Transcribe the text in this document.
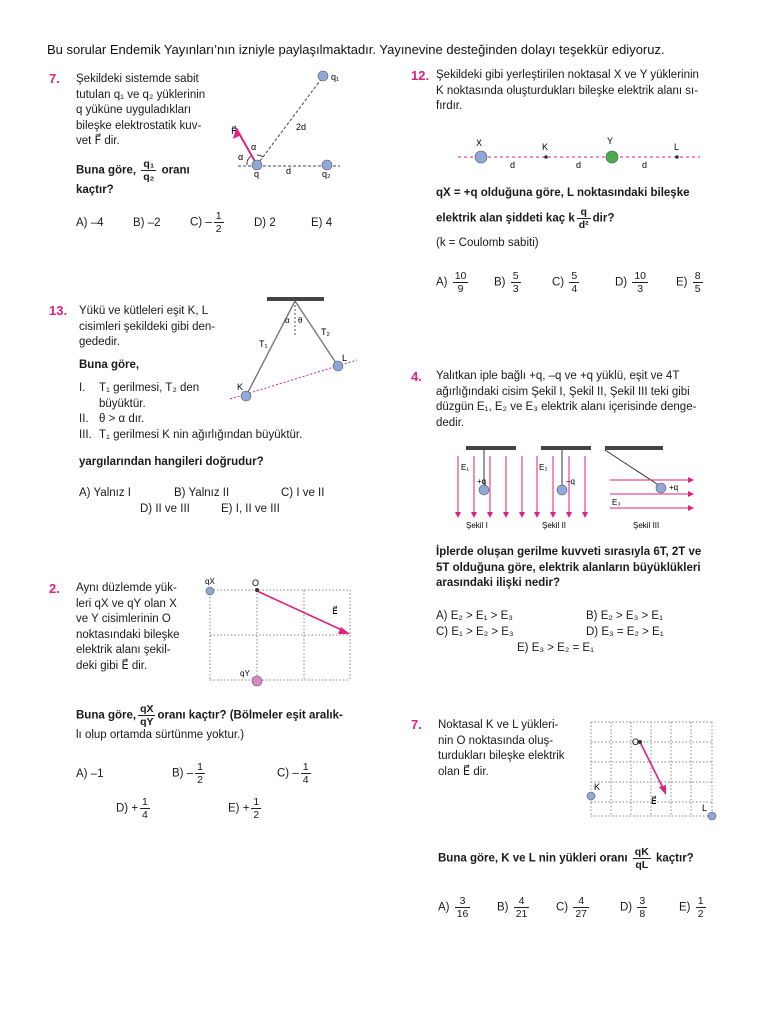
Bu sorular Endemik Yayınları’nın izniyle paylaşılmaktadır. Yayınevine desteğinden dolayı teşekkür ediyoruz.
7. Şekildeki sistemde sabit
tutulan q₁ ve q₂ yüklerinin
q yüküne uyguladıkları
bileşke elektrostatik kuv-
vet F⃗ dir.
Buna göre, $\frac{\text{q₁}}{\text{q₂}}$ oranı
kaçtır?
q₁
q₂
q
F⃗
α
α
2d
d
A) –4	B) –2	$C) - \frac{1}{2}$	D) 2	E) 4
12. Şekildeki gibi yerleştirilen noktasal X ve Y yüklerinin
K noktasında oluşturdukları bileşke elektrik alanı sı-
fırdır.
X	K
Y
L
d	d	d
qX = +q olduğuna göre, L noktasındaki bileşke
elektrik alan şiddeti kaç k $\frac{q}{\text{d²}}$ dir?
(k = Coulomb sabiti)
$A) \frac{10}{9} B) \frac{5}{3}$	$C) \frac{5}{4}$	$D) \frac{10}{3} E) \frac{8}{5}$
13. Yükü ve kütleleri eşit K, L
cisimleri şekildeki gibi den-
gededir.
Buna göre,
I. T₁ gerilmesi, T₂ den
büyüktür.
II. θ > α dır.
III. T₁ gerilmesi K nin ağırlığından büyüktür.
yargılarından hangileri doğrudur?
α θ
T₁
T₂
K
L
A) Yalnız I	B) Yalnız II	C) I ve II
D) II ve III	E) I, II ve III
4. Yalıtkan iple bağlı +q, –q ve +q yüklü, eşit ve 4T
ağırlığındaki cisim Şekil I, Şekil II, Şekil III teki gibi
düzgün E₁, E₂ ve E₃ elektrik alanı içerisinde denge-
dedir.
E₁	E₂
E₃
+q	–q
+q
Şekil I	Şekil II	Şekil III
İplerde oluşan gerilme kuvveti sırasıyla 6T, 2T ve
5T olduğuna göre, elektrik alanların büyüklükleri
arasındaki ilişki nedir?
A) E₂ > E₁ > E₃	B) E₂ > E₃ > E₁
C) E₁ > E₂ > E₃	D) E₃ = E₂ > E₁
E) E₃ > E₂ = E₁
2. Aynı düzlemde yük-
leri qX ve qY olan X
ve Y cisimlerinin O
noktasındaki bileşke
elektrik alanı şekil-
deki gibi E⃗ dir.
qX	O
E⃗
qY
Buna göre, $\frac{qX}{qY}$ oranı kaçtır? (Bölmeler eşit aralık-
lı olup ortamda sürtünme yoktur.)
A) –1	$B) - \frac{1}{2}$	$C) - \frac{1}{4}$
$D) + \frac{1}{4}$	$E) + \frac{1}{2}$
7. Noktasal K ve L yükleri-
nin O noktasında oluş-
turdukları bileşke elektrik
olan E⃗ dir.
O
K
L
E⃗
Buna göre, K ve L nin yükleri oranı $\frac{qK}{qL}$ kaçtır?
$A) \frac{3}{16} B) \frac{4}{21} C) \frac{4}{27}$	$D) \frac{3}{8}$	$E) \frac{1}{2}$
